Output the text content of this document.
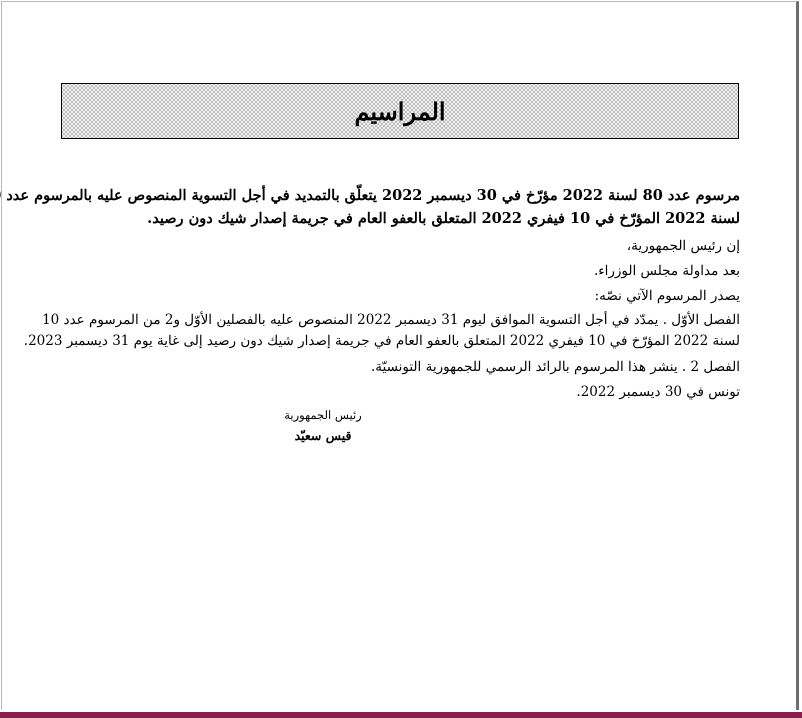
المراسيم
مرسوم عدد 80 لسنة 2022 مؤرّخ في 30 ديسمبر 2022 يتعلّق بالتمديد في أجل التسوية المنصوص عليه بالمرسوم عدد
لسنة 2022 المؤرّخ في 10 فيفري 2022 المتعلق بالعفو العام في جريمة إصدار شيك دون رصيد.
إن رئيس الجمهورية،
بعد مداولة مجلس الوزراء.
يصدر المرسوم الآتي نصّه:
الفصل الأوّل . يمدّد في أجل التسوية الموافق ليوم 31 ديسمبر 2022 المنصوص عليه بالفصلين الأوّل و2 من المرسوم عدد 10
لسنة 2022 المؤرّخ في 10 فيفري 2022 المتعلق بالعفو العام في جريمة إصدار شيك دون رصيد إلى غاية يوم 31 ديسمبر 2023.
الفصل 2 . ينشر هذا المرسوم بالرائد الرسمي للجمهورية التونسيّة.
تونس في 30 ديسمبر 2022.
رئيس الجمهورية
قيس سعيّد
